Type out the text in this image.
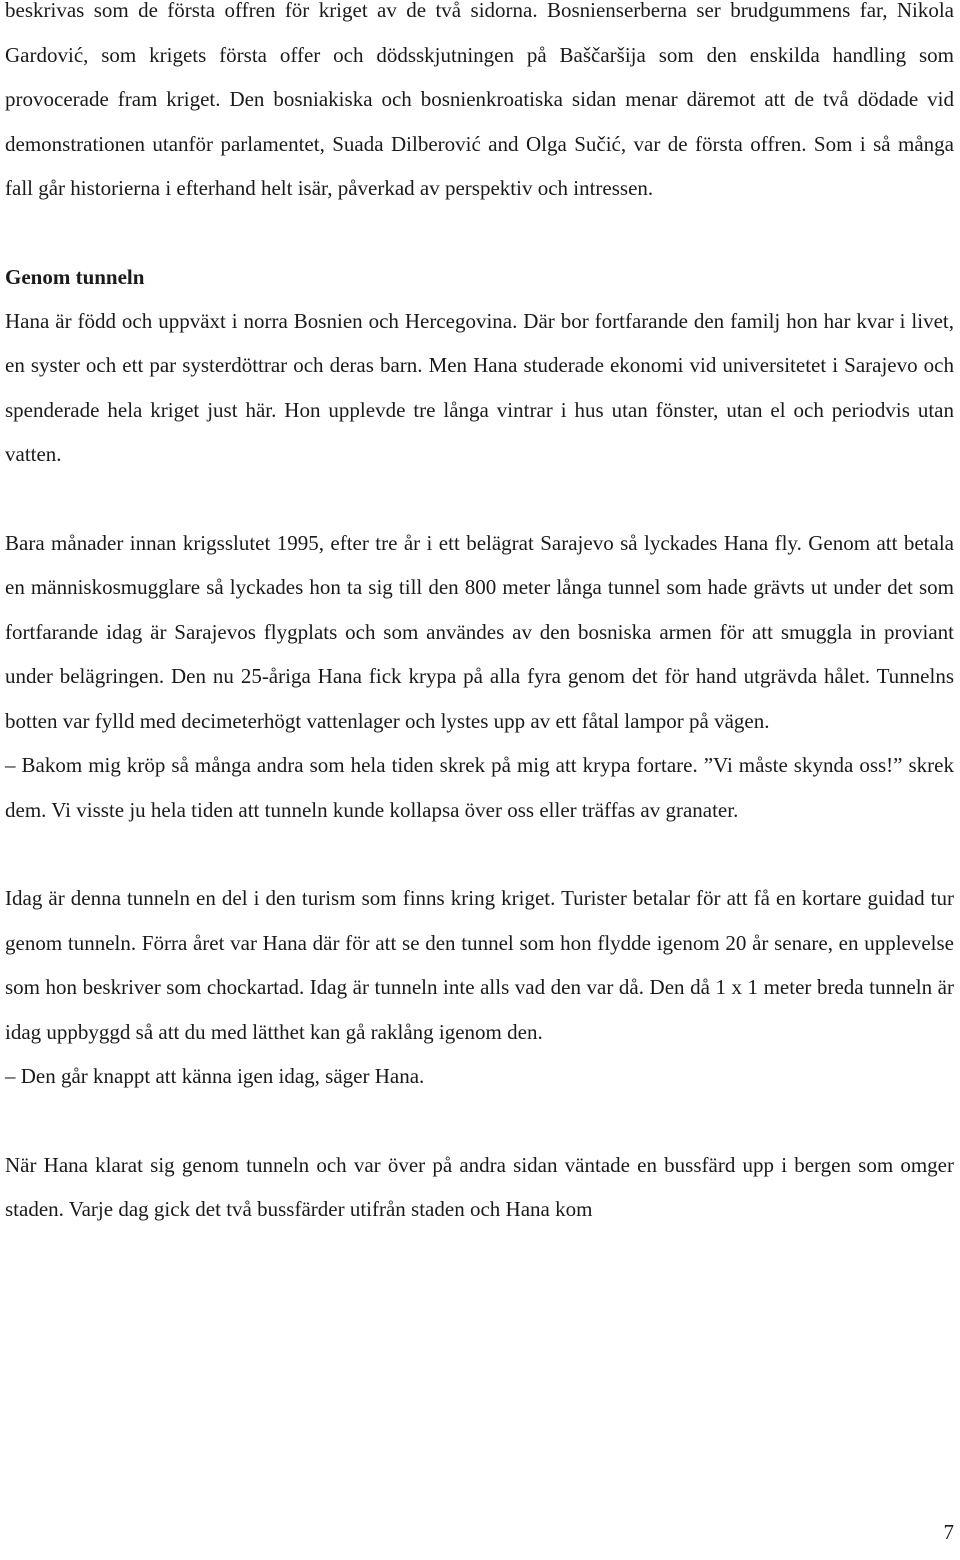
beskrivas som de första offren för kriget av de två sidorna. Bosnienserberna ser brudgummens far, Nikola Gardović, som krigets första offer och dödsskjutningen på Baščaršija som den enskilda handling som provocerade fram kriget. Den bosniakiska och bosnienkroatiska sidan menar däremot att de två dödade vid demonstrationen utanför parlamentet, Suada Dilberović and Olga Sučić, var de första offren. Som i så många fall går historierna i efterhand helt isär, påverkad av perspektiv och intressen.

Genom tunneln

Hana är född och uppväxt i norra Bosnien och Hercegovina. Där bor fortfarande den familj hon har kvar i livet, en syster och ett par systerdöttrar och deras barn. Men Hana studerade ekonomi vid universitetet i Sarajevo och spenderade hela kriget just här. Hon upplevde tre långa vintrar i hus utan fönster, utan el och periodvis utan vatten.

Bara månader innan krigsslutet 1995, efter tre år i ett belägrat Sarajevo så lyckades Hana fly. Genom att betala en människosmugglare så lyckades hon ta sig till den 800 meter långa tunnel som hade grävts ut under det som fortfarande idag är Sarajevos flygplats och som användes av den bosniska armen för att smuggla in proviant under belägringen. Den nu 25-åriga Hana fick krypa på alla fyra genom det för hand utgrävda hålet. Tunnelns botten var fylld med decimeterhögt vattenlager och lystes upp av ett fåtal lampor på vägen.

– Bakom mig kröp så många andra som hela tiden skrek på mig att krypa fortare. ”Vi måste skynda oss!” skrek dem. Vi visste ju hela tiden att tunneln kunde kollapsa över oss eller träffas av granater.

Idag är denna tunneln en del i den turism som finns kring kriget. Turister betalar för att få en kortare guidad tur genom tunneln. Förra året var Hana där för att se den tunnel som hon flydde igenom 20 år senare, en upplevelse som hon beskriver som chockartad. Idag är tunneln inte alls vad den var då. Den då 1 x 1 meter breda tunneln är idag uppbyggd så att du med lätthet kan gå raklång igenom den.

– Den går knappt att känna igen idag, säger Hana.

När Hana klarat sig genom tunneln och var över på andra sidan väntade en bussfärd upp i bergen som omger staden. Varje dag gick det två bussfärder utifrån staden och Hana kom

7
